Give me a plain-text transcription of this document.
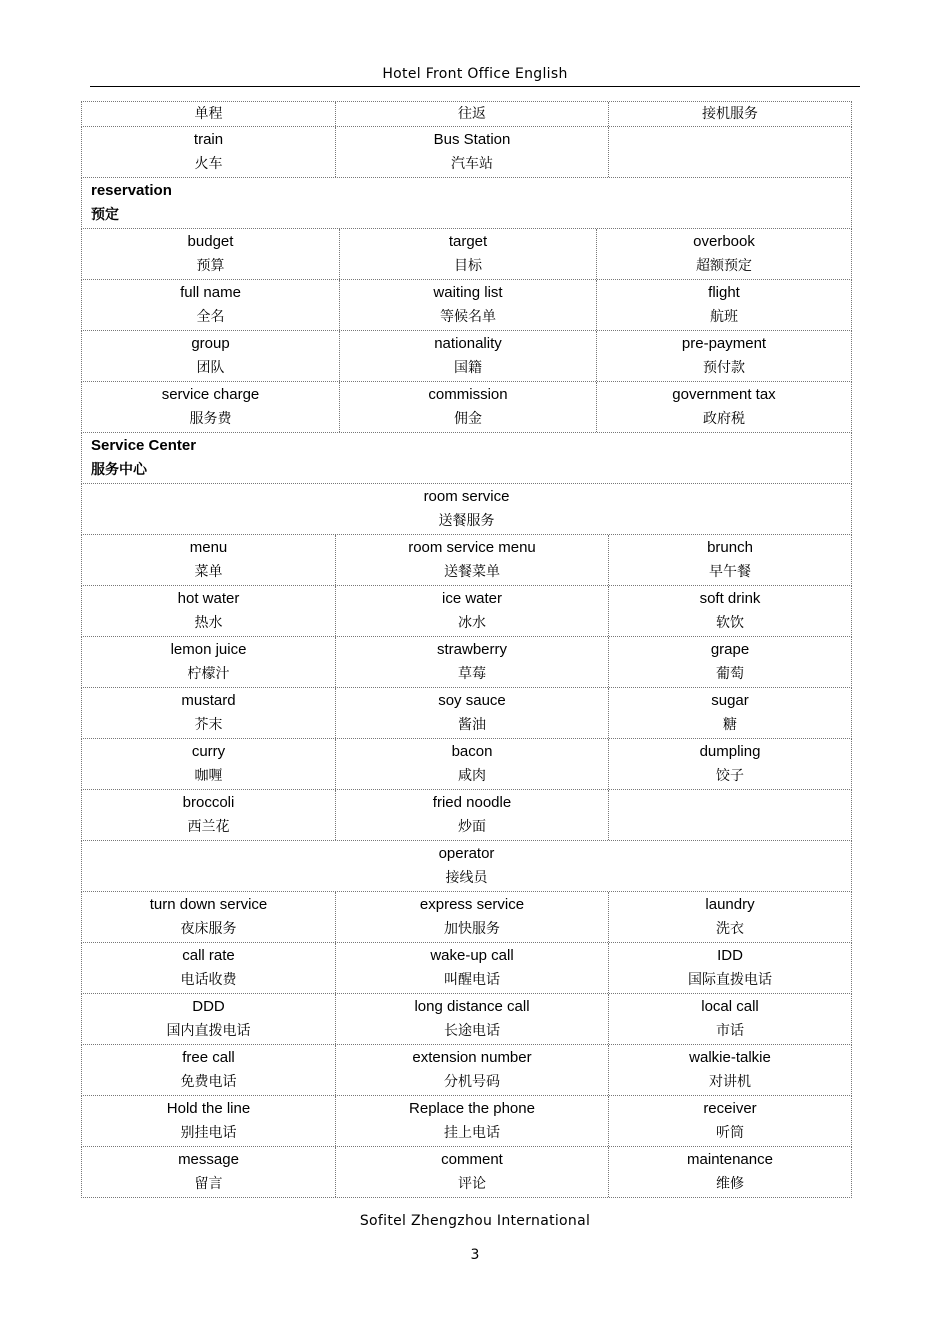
Hotel Front Office English
单程	往返	接机服务
train
火车
Bus Station
汽车站
reservation
预定
budget
预算
target
目标
overbook
超额预定
full name
全名
waiting list
等候名单
flight
航班
group
团队
nationality
国籍
pre-payment
预付款
service charge
服务费
commission
佣金
government tax
政府税
Service Center
服务中心
room service
送餐服务
menu
菜单
room service menu
送餐菜单
brunch
早午餐
hot water
热水
ice water
冰水
soft drink
软饮
lemon juice
柠檬汁
strawberry
草莓
grape
葡萄
mustard
芥末
soy sauce
酱油
sugar
糖
curry
咖喱
bacon
咸肉
dumpling
饺子
broccoli
西兰花
fried noodle
炒面
operator
接线员
turn down service
夜床服务
express service
加快服务
laundry
洗衣
call rate
电话收费
wake-up call
叫醒电话
IDD
国际直拨电话
DDD
国内直拨电话
long distance call
长途电话
local call
市话
free call
免费电话
extension number
分机号码
walkie-talkie
对讲机
Hold the line
别挂电话
Replace the phone
挂上电话
receiver
听筒
message
留言
comment
评论
maintenance
维修
Sofitel Zhengzhou International
3
